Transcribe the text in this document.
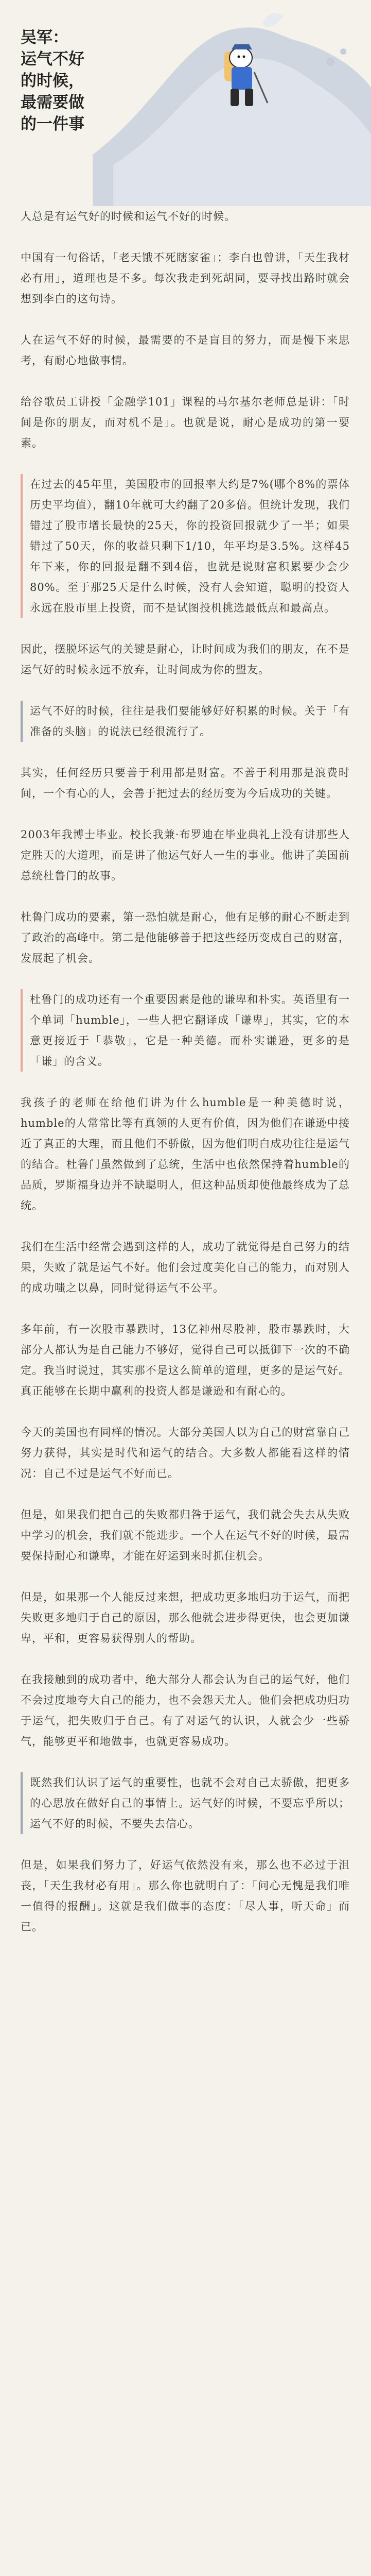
吴军：
运气不好
的时候，
最需要做
的一件事

人总是有运气好的时候和运气不好的时候。

中国有一句俗话，「老天饿不死瞎家雀」；李白也曾讲，「天生我材必有用」，道理也是不多。每次我走到死胡同，要寻找出路时就会想到李白的这句诗。

人在运气不好的时候，最需要的不是盲目的努力，而是慢下来思考，有耐心地做事情。

给谷歌员工讲授「金融学101」课程的马尔基尔老师总是讲：「时间是你的朋友，而对机不是」。也就是说，耐心是成功的第一要素。

在过去的45年里，美国股市的回报率大约是7%(哪个8%的票体历史平均值），翻10年就可大约翻了20多倍。但统计发现，我们错过了股市增长最快的25天，你的投资回报就少了一半；如果错过了50天，你的收益只剩下1/10，年平均是3.5%。这样45年下来，你的回报是翻不到4倍，也就是说财富积累要少会少80%。至于那25天是什么时候，没有人会知道，聪明的投资人永远在股市里上投资，而不是试图投机挑选最低点和最高点。

因此，摆脱坏运气的关键是耐心，让时间成为我们的朋友，在不是运气好的时候永远不放弃，让时间成为你的盟友。

运气不好的时候，往往是我们要能够好好积累的时候。关于「有准备的头脑」的说法已经很流行了。

其实，任何经历只要善于利用都是财富。不善于利用那是浪费时间，一个有心的人，会善于把过去的经历变为今后成功的关键。

2003年我博士毕业。校长我兼·布罗迪在毕业典礼上没有讲那些人定胜天的大道理，而是讲了他运气好人一生的事业。他讲了美国前总统杜鲁门的故事。

杜鲁门成功的要素，第一恐怕就是耐心，他有足够的耐心不断走到了政治的高峰中。第二是他能够善于把这些经历变成自己的财富，发展起了机会。

杜鲁门的成功还有一个重要因素是他的谦卑和朴实。英语里有一个单词「humble」，一些人把它翻译成「谦卑」，其实，它的本意更接近于「恭敬」，它是一种美德。而朴实谦逊，更多的是「谦」的含义。

我孩子的老师在给他们讲为什么humble是一种美德时说，humble的人常常比等有真领的人更有价值，因为他们在谦逊中接近了真正的大理，而且他们不骄傲，因为他们明白成功往往是运气的结合。杜鲁门虽然做到了总统，生活中也依然保持着humble的品质，罗斯福身边并不缺聪明人，但这种品质却使他最终成为了总统。

我们在生活中经常会遇到这样的人，成功了就觉得是自己努力的结果，失败了就是运气不好。他们会过度美化自己的能力，而对别人的成功嗤之以鼻，同时觉得运气不公平。

多年前，有一次股市暴跌时，13亿神州尽股神，股市暴跌时，大部分人都认为是自己能力不够好，觉得自己可以抵御下一次的不确定。我当时说过，其实那不是这么简单的道理，更多的是运气好。真正能够在长期中赢利的投资人都是谦逊和有耐心的。

今天的美国也有同样的情况。大部分美国人以为自己的财富靠自己努力获得，其实是时代和运气的结合。大多数人都能看这样的情况：自己不过是运气不好而已。

但是，如果我们把自己的失败都归咎于运气，我们就会失去从失败中学习的机会，我们就不能进步。一个人在运气不好的时候，最需要保持耐心和谦卑，才能在好运到来时抓住机会。

但是，如果那一个人能反过来想，把成功更多地归功于运气，而把失败更多地归于自己的原因，那么他就会进步得更快，也会更加谦卑，平和，更容易获得别人的帮助。

在我接触到的成功者中，绝大部分人都会认为自己的运气好，他们不会过度地夸大自己的能力，也不会怨天尤人。他们会把成功归功于运气，把失败归于自己。有了对运气的认识，人就会少一些骄气，能够更平和地做事，也就更容易成功。

既然我们认识了运气的重要性，也就不会对自己太骄傲，把更多的心思放在做好自己的事情上。运气好的时候，不要忘乎所以；运气不好的时候，不要失去信心。

但是，如果我们努力了，好运气依然没有来，那么也不必过于沮丧，「天生我材必有用」。那么你也就明白了：「问心无愧是我们唯一值得的报酬」。这就是我们做事的态度：「尽人事，听天命」而已。
